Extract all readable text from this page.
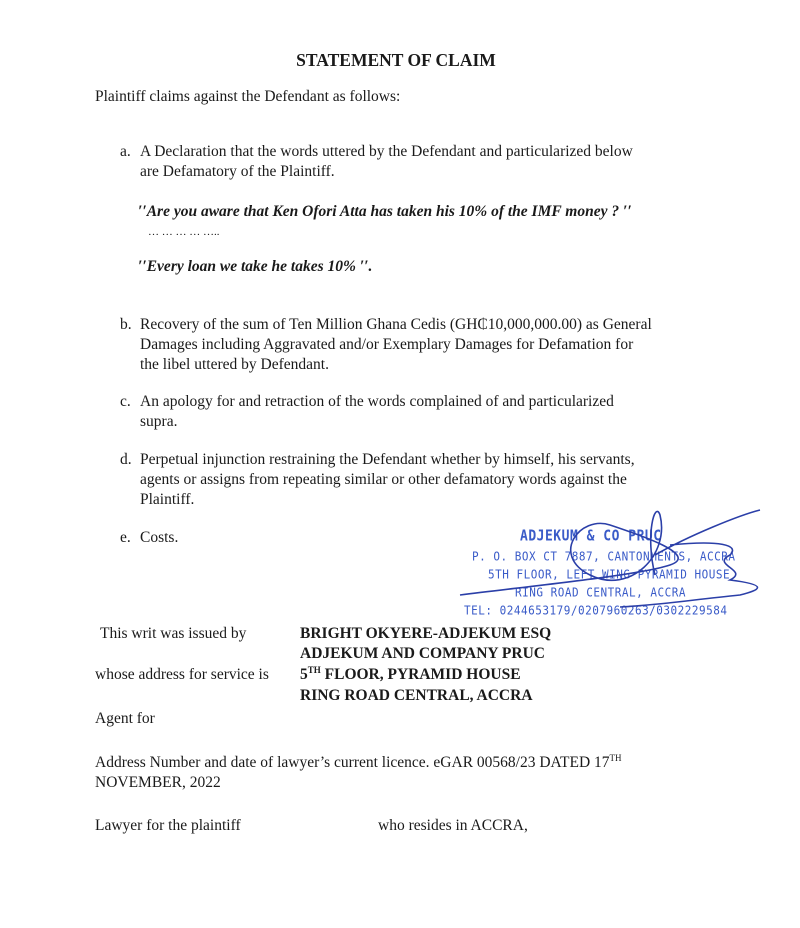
STATEMENT OF CLAIM
Plaintiff claims against the Defendant as follows:
a. A Declaration that the words uttered by the Defendant and particularized below
are Defamatory of the Plaintiff.
′′Are you aware that Ken Ofori Atta has taken his 10% of the IMF money ? ′′
… … … … …..
′′Every loan we take he takes 10% ′′.
b. Recovery of the sum of Ten Million Ghana Cedis (GH₵10,000,000.00) as General
Damages including Aggravated and/or Exemplary Damages for Defamation for
the libel uttered by Defendant.
c. An apology for and retraction of the words complained of and particularized
supra.
d. Perpetual injunction restraining the Defendant whether by himself, his servants,
agents or assigns from repeating similar or other defamatory words against the
Plaintiff.
e. Costs.	ADJEKUM & CO PRUC
P. O. BOX CT 7887, CANTONMENTS, ACCRA
5TH FLOOR, LEFT WING PYRAMID HOUSE
RING ROAD CENTRAL, ACCRA
TEL: 0244653179/0207960263/0302229584
This writ was issued by	BRIGHT OKYERE-ADJEKUM ESQ
ADJEKUM AND COMPANY PRUC
whose address for service is 5TH FLOOR, PYRAMID HOUSE
RING ROAD CENTRAL, ACCRA
Agent for
Address Number and date of lawyer’s current licence. eGAR 00568/23 DATED 17TH
NOVEMBER, 2022
Lawyer for the plaintiff	who resides in ACCRA,
